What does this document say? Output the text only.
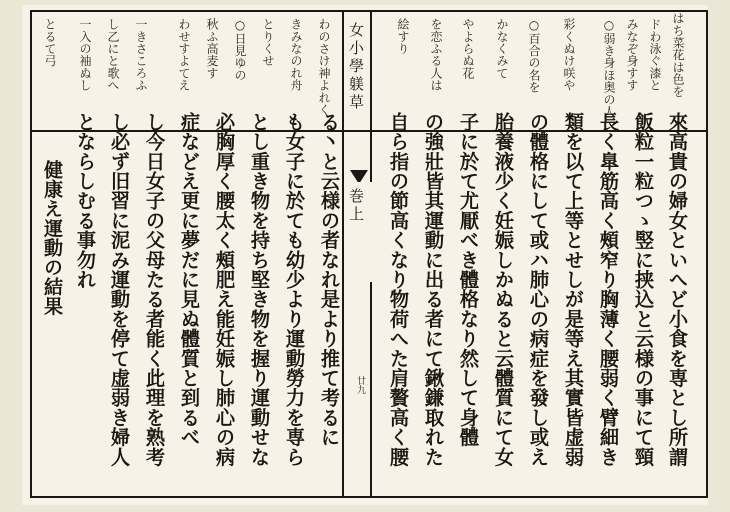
はち菜花は色を
ドわ泳ぐ漆と
みなぞ身すす
○弱き身ほ奥の人
彩くぬけ咲や
○百合の名を
かなくみて
やよらぬ花
を恋ふる人は
絵すり
わのさけ神よれく
きみなのれ舟
とりくせ
○日見ゆの
秋ふ高麦す
わせすよてえ
一きさころふ
し乙にと歌へ
一入の袖ぬし
とるて弓	女小學躾草
巻上
廿九	來高貴の婦女といへど小食を専とし所謂
飯粒一粒つゝ竪に挟込と云様の事にて頸
長く臯筋高く頰窄り胸薄く腰弱く臂細き
類を以て上等とせしが是等え其實皆虚弱
の體格にして或ハ肺心の病症を發し或え
胎養液少く妊娠しかぬると云體質にて女
子に於て尤厭べき體格なり然して身體
の強壯皆其運動に出る者にて鍬鎌取れた
自ら指の節高くなり物荷へた肩贅高く腰
る丶と云様の者なれ是より推て考るに
も女子に於ても幼少より運動勞力を専ら
とし重き物を持ち堅き物を握り運動せな
必胸厚く腰太く頰肥え能妊娠し肺心の病
症などえ更に夢だに見ぬ體質と到るべ
し今日女子の父母たる者能く此理を熟考
し必ず旧習に泥み運動を停て虚弱き婦人
とならしむる事勿れ
健康え運動の結果
